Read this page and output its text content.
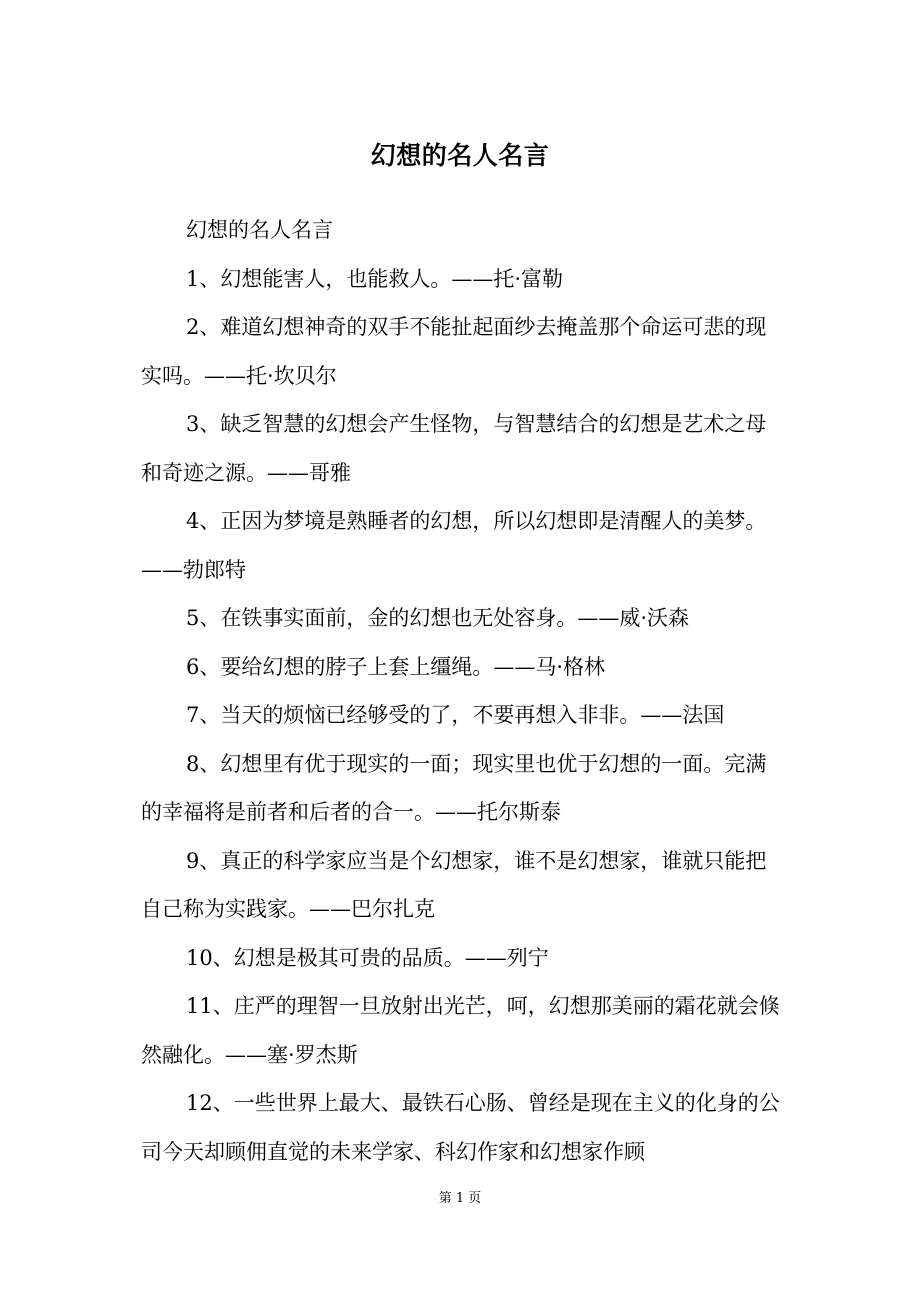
幻想的名人名言

幻想的名人名言

1、幻想能害人，也能救人。——托·富勒

2、难道幻想神奇的双手不能扯起面纱去掩盖那个命运可悲的现实吗。——托·坎贝尔

3、缺乏智慧的幻想会产生怪物，与智慧结合的幻想是艺术之母和奇迹之源。——哥雅

4、正因为梦境是熟睡者的幻想，所以幻想即是清醒人的美梦。——勃郎特

5、在铁事实面前，金的幻想也无处容身。——威·沃森

6、要给幻想的脖子上套上缰绳。——马·格林

7、当天的烦恼已经够受的了，不要再想入非非。——法国

8、幻想里有优于现实的一面；现实里也优于幻想的一面。完满的幸福将是前者和后者的合一。——托尔斯泰

9、真正的科学家应当是个幻想家，谁不是幻想家，谁就只能把自己称为实践家。——巴尔扎克

10、幻想是极其可贵的品质。——列宁

11、庄严的理智一旦放射出光芒，呵，幻想那美丽的霜花就会倏然融化。——塞·罗杰斯

12、一些世界上最大、最铁石心肠、曾经是现在主义的化身的公司今天却顾佣直觉的未来学家、科幻作家和幻想家作顾

第 1 页
